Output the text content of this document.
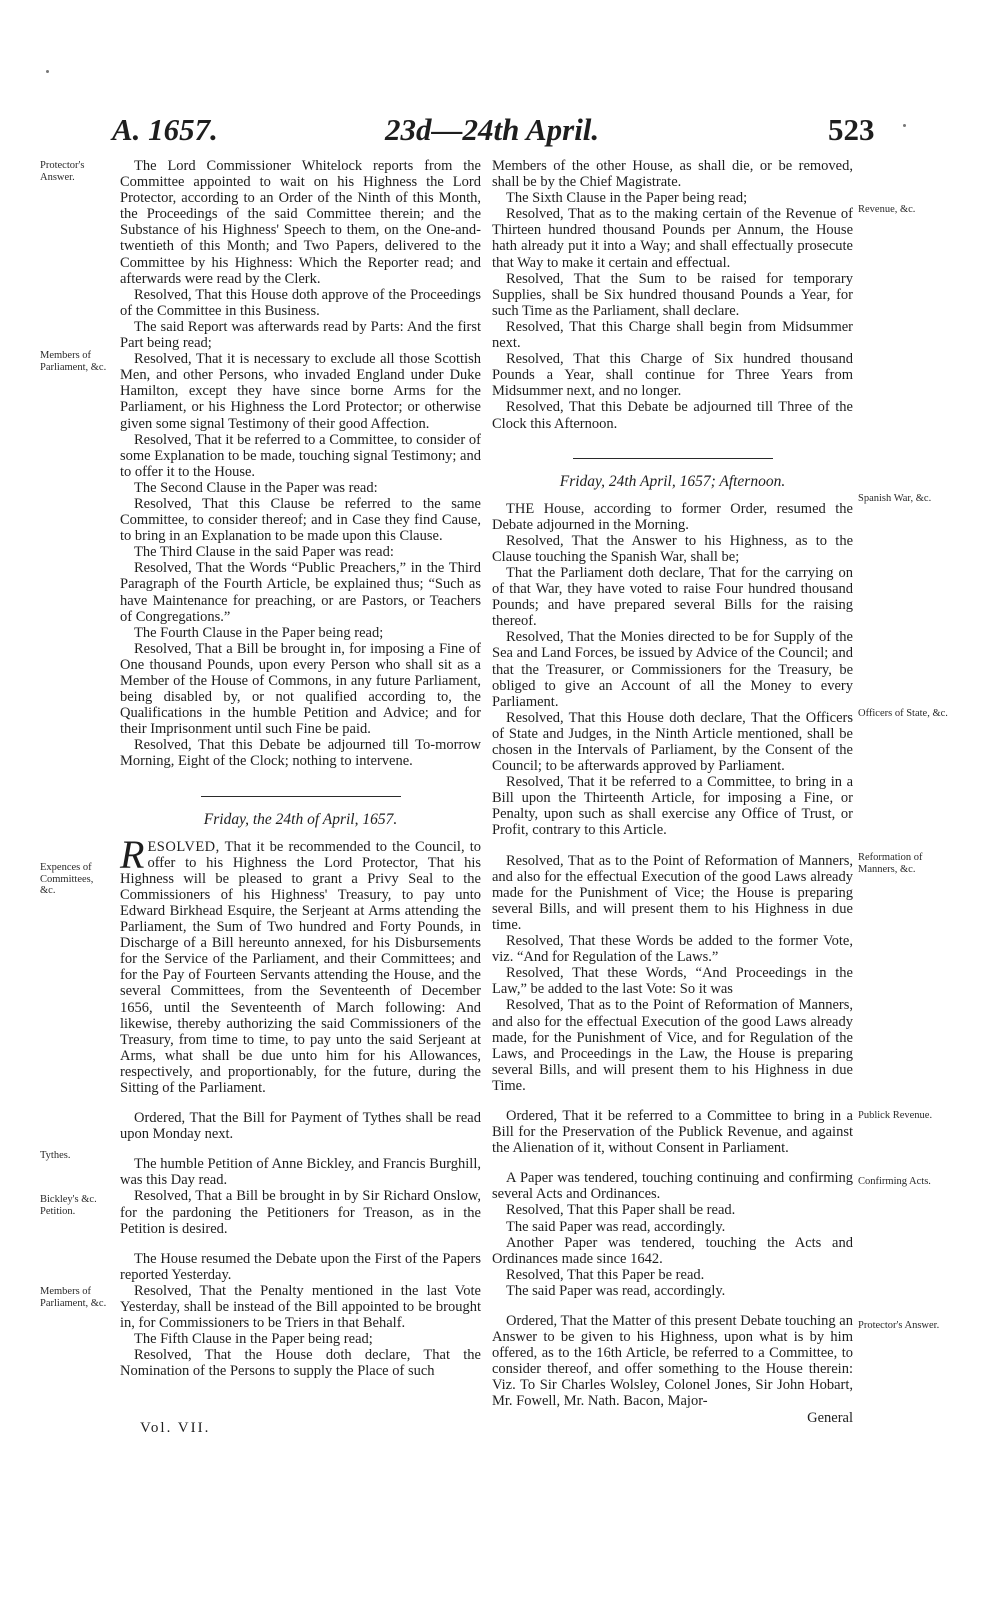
A. 1657.	23d—24th April.	523
Protector's Answer.
Members of Parliament, &c.
Expences of Committees, &c.
Tythes.
Bickley's &c. Petition.
Members of Parliament, &c.
Revenue, &c.
Spanish War, &c.
Officers of State, &c.
Reformation of Manners, &c.
Publick Revenue.
Confirming Acts.
Protector's Answer.

The Lord Commissioner Whitelock reports from the Committee appointed to wait on his Highness the Lord Protector, according to an Order of the Ninth of this Month, the Proceedings of the said Committee therein; and the Substance of his Highness' Speech to them, on the One-and-twentieth of this Month; and Two Papers, delivered to the Committee by his Highness: Which the Reporter read; and afterwards were read by the Clerk.

Resolved, That this House doth approve of the Proceedings of the Committee in this Business.

The said Report was afterwards read by Parts: And the first Part being read;

Resolved, That it is necessary to exclude all those Scottish Men, and other Persons, who invaded England under Duke Hamilton, except they have since borne Arms for the Parliament, or his Highness the Lord Protector; or otherwise given some signal Testimony of their good Affection.

Resolved, That it be referred to a Committee, to consider of some Explanation to be made, touching signal Testimony; and to offer it to the House.

The Second Clause in the Paper was read:

Resolved, That this Clause be referred to the same Committee, to consider thereof; and in Case they find Cause, to bring in an Explanation to be made upon this Clause.

The Third Clause in the said Paper was read:

Resolved, That the Words “Public Preachers,” in the Third Paragraph of the Fourth Article, be explained thus; “Such as have Maintenance for preaching, or are Pastors, or Teachers of Congregations.”

The Fourth Clause in the Paper being read;

Resolved, That a Bill be brought in, for imposing a Fine of One thousand Pounds, upon every Person who shall sit as a Member of the House of Commons, in any future Parliament, being disabled by, or not qualified according to, the Qualifications in the humble Petition and Advice; and for their Imprisonment until such Fine be paid.

Resolved, That this Debate be adjourned till To-morrow Morning, Eight of the Clock; nothing to intervene.

Friday, the 24th of April, 1657.

RESOLVED, That it be recommended to the Council, to offer to his Highness the Lord Protector, That his Highness will be pleased to grant a Privy Seal to the Commissioners of his Highness' Treasury, to pay unto Edward Birkhead Esquire, the Serjeant at Arms attending the Parliament, the Sum of Two hundred and Forty Pounds, in Discharge of a Bill hereunto annexed, for his Disbursements for the Service of the Parliament, and their Committees; and for the Pay of Fourteen Servants attending the House, and the several Committees, from the Seventeenth of December 1656, until the Seventeenth of March following: And likewise, thereby authorizing the said Commissioners of the Treasury, from time to time, to pay unto the said Serjeant at Arms, what shall be due unto him for his Allowances, respectively, and proportionably, for the future, during the Sitting of the Parliament.

Ordered, That the Bill for Payment of Tythes shall be read upon Monday next.

The humble Petition of Anne Bickley, and Francis Burghill, was this Day read.

Resolved, That a Bill be brought in by Sir Richard Onslow, for the pardoning the Petitioners for Treason, as in the Petition is desired.

The House resumed the Debate upon the First of the Papers reported Yesterday.

Resolved, That the Penalty mentioned in the last Vote Yesterday, shall be instead of the Bill appointed to be brought in, for Commissioners to be Triers in that Behalf.

The Fifth Clause in the Paper being read;

Resolved, That the House doth declare, That the Nomination of the Persons to supply the Place of such

Members of the other House, as shall die, or be removed, shall be by the Chief Magistrate.

The Sixth Clause in the Paper being read;

Resolved, That as to the making certain of the Revenue of Thirteen hundred thousand Pounds per Annum, the House hath already put it into a Way; and shall effectually prosecute that Way to make it certain and effectual.

Resolved, That the Sum to be raised for temporary Supplies, shall be Six hundred thousand Pounds a Year, for such Time as the Parliament, shall declare.

Resolved, That this Charge shall begin from Midsummer next.

Resolved, That this Charge of Six hundred thousand Pounds a Year, shall continue for Three Years from Midsummer next, and no longer.

Resolved, That this Debate be adjourned till Three of the Clock this Afternoon.

Friday, 24th April, 1657; Afternoon.

THE House, according to former Order, resumed the Debate adjourned in the Morning.

Resolved, That the Answer to his Highness, as to the Clause touching the Spanish War, shall be;

That the Parliament doth declare, That for the carrying on of that War, they have voted to raise Four hundred thousand Pounds; and have prepared several Bills for the raising thereof.

Resolved, That the Monies directed to be for Supply of the Sea and Land Forces, be issued by Advice of the Council; and that the Treasurer, or Commissioners for the Treasury, be obliged to give an Account of all the Money to every Parliament.

Resolved, That this House doth declare, That the Officers of State and Judges, in the Ninth Article mentioned, shall be chosen in the Intervals of Parliament, by the Consent of the Council; to be afterwards approved by Parliament.

Resolved, That it be referred to a Committee, to bring in a Bill upon the Thirteenth Article, for imposing a Fine, or Penalty, upon such as shall exercise any Office of Trust, or Profit, contrary to this Article.

Resolved, That as to the Point of Reformation of Manners, and also for the effectual Execution of the good Laws already made for the Punishment of Vice; the House is preparing several Bills, and will present them to his Highness in due time.

Resolved, That these Words be added to the former Vote, viz. “And for Regulation of the Laws.”

Resolved, That these Words, “And Proceedings in the Law,” be added to the last Vote: So it was

Resolved, That as to the Point of Reformation of Manners, and also for the effectual Execution of the good Laws already made, for the Punishment of Vice, and for Regulation of the Laws, and Proceedings in the Law, the House is preparing several Bills, and will present them to his Highness in due Time.

Ordered, That it be referred to a Committee to bring in a Bill for the Preservation of the Publick Revenue, and against the Alienation of it, without Consent in Parliament.

A Paper was tendered, touching continuing and confirming several Acts and Ordinances.

Resolved, That this Paper shall be read.

The said Paper was read, accordingly.

Another Paper was tendered, touching the Acts and Ordinances made since 1642.

Resolved, That this Paper be read.

The said Paper was read, accordingly.

Ordered, That the Matter of this present Debate touching an Answer to be given to his Highness, upon what is by him offered, as to the 16th Article, be referred to a Committee, to consider thereof, and offer something to the House therein: Viz. To Sir Charles Wolsley, Colonel Jones, Sir John Hobart, Mr. Fowell, Mr. Nath. Bacon, Major-

General
Vol. VII.
